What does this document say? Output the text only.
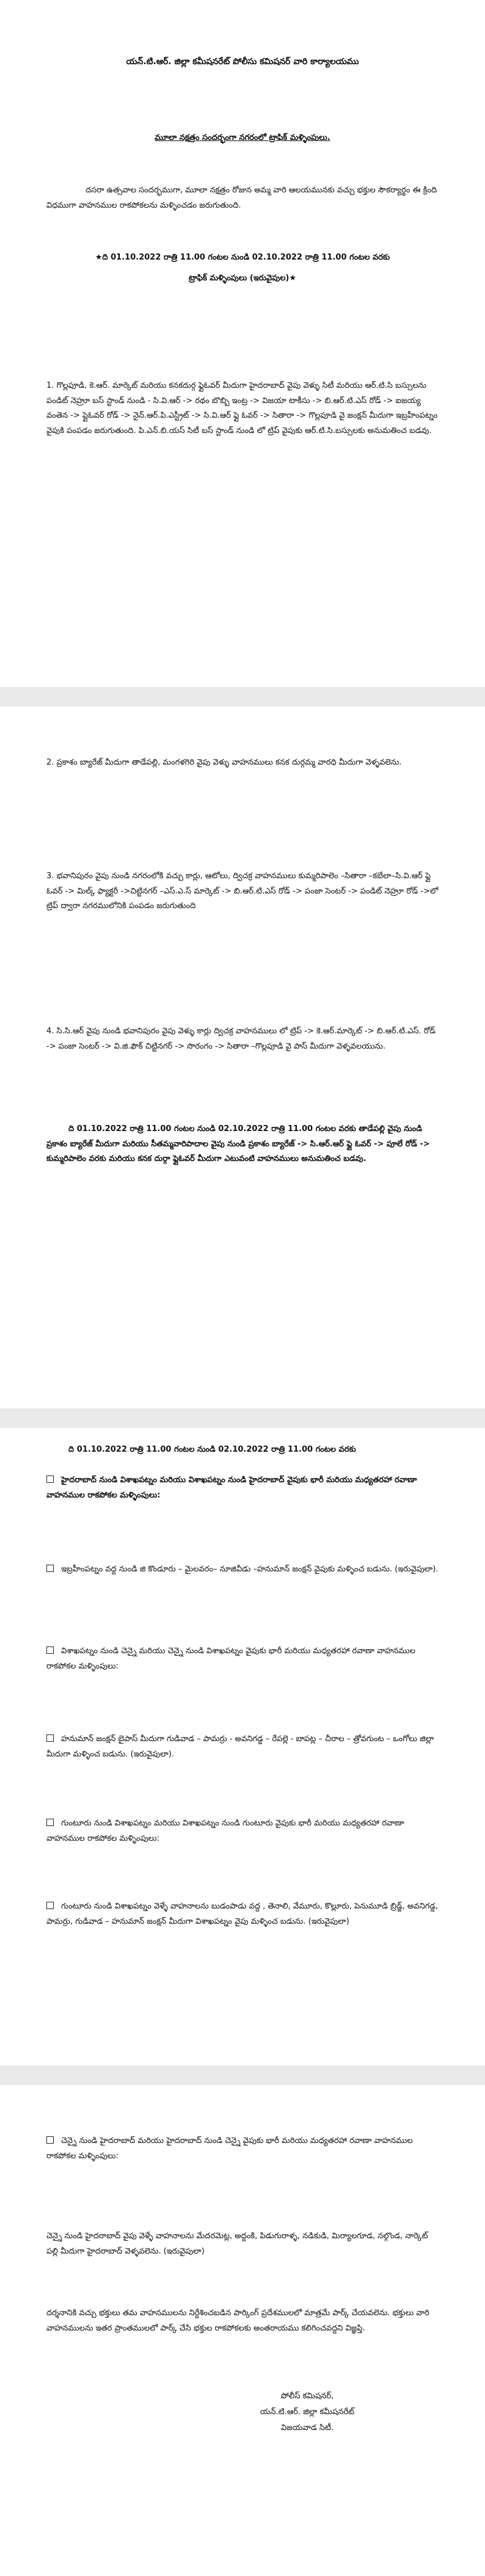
యన్.టి.ఆర్. జిల్లా కమీషనరేట్ పోలీసు కమిషనర్ వారి కార్యాలయము

మూలా నక్షత్రం సందర్భంగా నగరంలో ట్రాఫిక్ మళ్ళింపులు.

దసరా ఉత్సవాల సందర్భముగా, మూలా నక్షత్రం రోజున అమ్మ వారి ఆలయమునకు వచ్చు భక్తుల సౌకర్యార్థం ఈ క్రింది విధముగా వాహనముల రాకపోకలను మళ్ళించడం జరుగుతుంది.

★ది 01.10.2022 రాత్రి 11.00 గంటల నుండి 02.10.2022 రాత్రి 11.00 గంటల వరకు

ట్రాఫిక్ మళ్ళింపులు (ఇరువైపుల)★

1. గొల్లపూడి, కె.ఆర్. మార్కెట్ మరియు కనకదుర్గ ఫ్లైఓవర్ మీదుగా హైదరాబాద్ వైపు వెళ్ళు సిటీ మరియు ఆర్.టి.సి బస్సులను పండిట్ నెహ్రూ బస్ స్టాండ్ నుండి - సి.వి.ఆర్ -> రథం బొబ్బి ఇంట్ర -> విజయా టాకీసు -> బి.ఆర్.టి.ఎస్ రోడ్ -> ఐజయ్య వంతెన -> ప్లైఓవర్ రోడ్ -> నైన్.ఆర్.పి.ఎస్ట్రీట్ -> సి.వి.ఆర్ ఫ్లై ఓవర్ -> సితారా -> గొల్లపూడి వై జంక్షన్ మీదుగా ఇబ్రహీంపట్నం వైపుకి పంపడం జరుగుతుంది. పి.ఎన్.బి.యస్ సిటీ బస్ స్టాండ్ నుండి లో ట్రిప్ వైపుకు ఆర్.టి.సి.బస్సులకు అనుమతించ బడవు.

2. ప్రకాశం బ్యారేజ్ మీదుగా తాడేపల్లి, మంగళగిరి వైపు వెళ్ళు వాహనములు కనక దుర్గమ్మ వారధి మీదుగా వెళ్ళవలెను.

3. భవానిపురం వైపు నుండి నగరంలోకి వచ్చు కార్లు, ఆటోలు, ద్విచక్ర వాహనములు కుమ్మరిపాలెం –సితారా –కబేలా–సి.వి.ఆర్ ఫ్లై ఓవర్ -> మిల్క్ ఫ్యాక్టరీ ->చిట్టినగర్ –ఎస్.ఎ.స్ మార్కెట్ -> బి.ఆర్.టి.ఎస్ రోడ్ -> పంజా సెంటర్ -> పండిట్ నెహ్రూ రోడ్ ->లో ట్రిప్ ద్వారా నగరములోనికి పంపడం జరుగుతుంది

4. సి.సి.ఆర్ వైపు నుండి భవానిపురం వైపు వెళ్ళు కార్లు ద్విచక్ర వాహనములు లో ట్రిప్ -> కె.ఆర్.మార్కెట్ -> బి.ఆర్.టి.ఎస్. రోడ్ -> పంజా సెంటర్ -> వి.జి.ఫౌక్ చిట్టినగర్ -> సొరంగం -> సితారా –గొల్లపూడి వై పాస్ మీదుగా వెళ్ళవలయును.

ది 01.10.2022 రాత్రి 11.00 గంటల నుండి 02.10.2022 రాత్రి 11.00 గంటల వరకు తాడేపల్లి వైపు నుండి ప్రకాశం బ్యారేజ్ మీదుగా మరియు సీతమ్మవారిపాదాల వైపు నుండి ప్రకాశం బ్యారేజ్ -> సి.ఆర్.ఆర్ ఫ్లై ఓవర్ -> పూలే రోడ్ -> కుమ్మరిపాలెం వరకు మరియు కనక దుర్గా ఫ్లైఓవర్ మీదుగా ఎటువంటి వాహనములు అనుమతించ బడవు.

ది 01.10.2022 రాత్రి 11.00 గంటల నుండి 02.10.2022 రాత్రి 11.00 గంటల వరకు

హైదరాబాద్ నుండి విశాఖపట్నం మరియు విశాఖపట్నం నుండి హైదరాబాద్ వైపుకు భారీ మరియు మధ్యతరహా రవాణా వాహనముల రాకపోకల మళ్ళింపులు:

ఇబ్రహీంపట్నం వద్ద నుండి జి కొండూరు – మైలవరం– నూజివీడు –హనుమాన్ జంక్షన్ వైపుకు మళ్ళించ బడును. (ఇరువైపులా).

విశాఖపట్నం నుండి చెన్నై మరియు చెన్నై నుండి విశాఖపట్నం వైపుకు భారీ మరియు మధ్యతరహా రవాణా వాహనముల రాకపోకల మళ్ళింపులు:

హనుమాన్ జంక్షన్ బైపాస్ మీదుగా గుడివాడ – పామర్రు - అవనిగడ్డ – రేపల్లె - బాపట్ల – చీరాల – త్రోవగుంట – ఒంగోలు జిల్లా మీదుగా మళ్ళించ బడును. (ఇరువైపులా).

గుంటూరు నుండి విశాఖపట్నం మరియు విశాఖపట్నం నుండి గుంటూరు వైపుకు భారీ మరియు మధ్యతరహా రవాణా వాహనముల రాకపోకల మళ్ళింపులు:

గుంటూరు నుండి విశాఖపట్నం వెళ్ళే వాహనాలను బుడంపాడు వద్ద , తెనాలి, వేమూరు, కొల్లూరు, పెనుమూడి బ్రిడ్జ్, అవనిగడ్డ, పామర్రు, గుడివాడ – హనుమాన్ జంక్షన్ మీదుగా విశాఖపట్నం వైపు మళ్ళించ బడును. (ఇరువైపులా)

చెన్నై నుండి హైదరాబాద్ మరియు హైదరాబాద్ నుండి చెన్నై వైపుకు భారీ మరియు మధ్యతరహా రవాణా వాహనముల రాకపోకల మళ్ళింపులు:

చెన్నై నుండి హైదరాబాద్ వైపు వెళ్ళే వాహనాలను మేదరమెట్ల, అద్దంకి, పిడుగురాళ్ళ, నడికుడి, మిర్యాలగూడ, నల్గొండ, నార్కెట్ పల్లి మీదుగా హైదరాబాద్ వెళ్ళవలెను. (ఇరువైపులా)

దర్శనానికి వచ్చు భక్తులు తమ వాహనములను నిర్దేశించబడిన పార్కింగ్ ప్రదేశములలో మాత్రమే పార్క్ చేయవలెను. భక్తులు వారి వాహనములను ఇతర ప్రాంతములలో పార్క్ చేసి భక్తుల రాకపోకలకు అంతరాయము కలిగించవద్దని విజ్ఞప్తి.

పోలీస్ కమిషనర్,

యన్.టి.ఆర్. జిల్లా కమీషనరేట్

విజయవాడ సిటీ.
